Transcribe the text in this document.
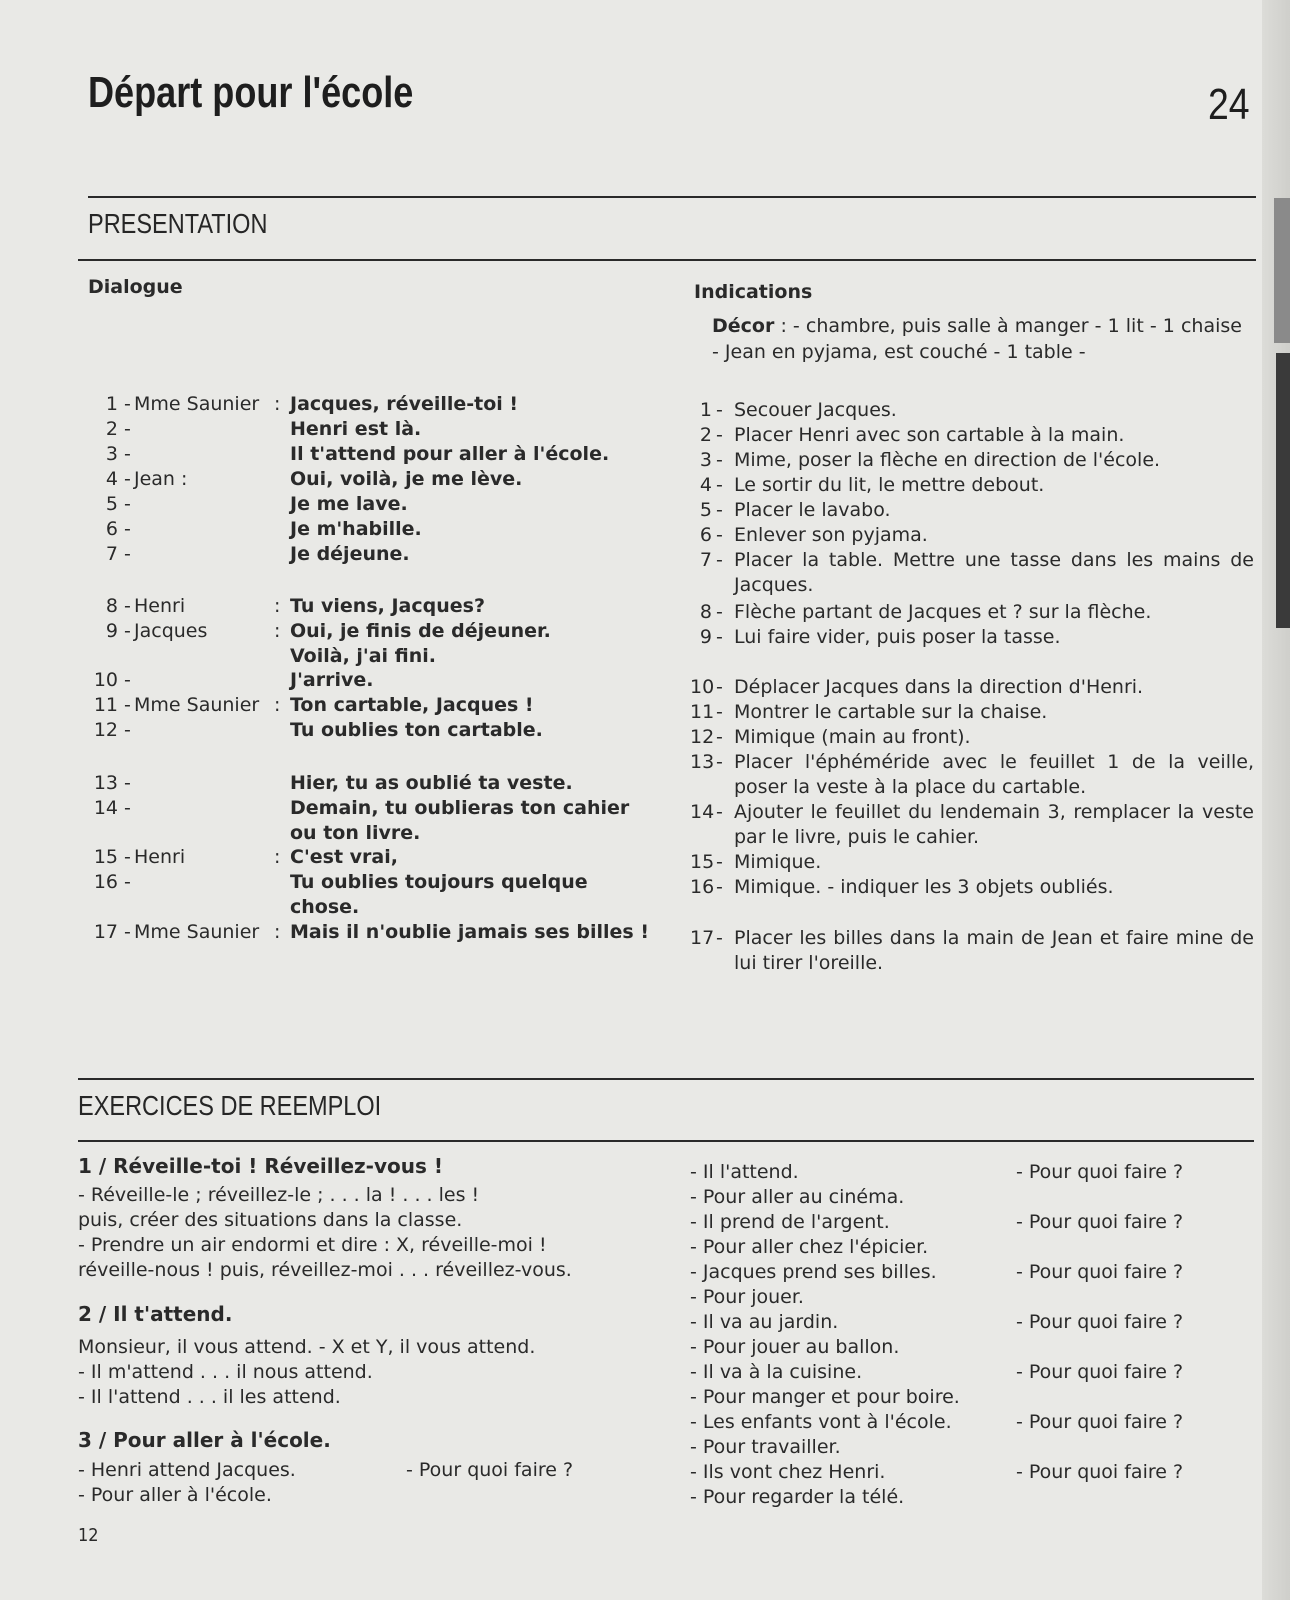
Départ pour l'école	24
PRESENTATION
Dialogue	Indications
Décor : - chambre, puis salle à manger - 1 lit - 1 chaise - Jean en pyjama, est couché - 1 table -
1 - Mme Saunier : Jacques, réveille-toi !
2 -	Henri est là.
3 -	Il t'attend pour aller à l'école.
4 - Jean :	Oui, voilà, je me lève.
5 -	Je me lave.
6 -	Je m'habille.
7 -	Je déjeune.
8 - Henri	: Tu viens, Jacques?
9 - Jacques	: Oui, je finis de déjeuner. Voilà, j'ai fini.
10 -	J'arrive.
11 - Mme Saunier : Ton cartable, Jacques !
12 -	Tu oublies ton cartable.
13 -	Hier, tu as oublié ta veste.
14 -	Demain, tu oublieras ton cahier ou ton livre.
15 - Henri	: C'est vrai,
16 -	Tu oublies toujours quelque chose.
17 - Mme Saunier : Mais il n'oublie jamais ses billes !
1 - Secouer Jacques.
2 - Placer Henri avec son cartable à la main.
3 - Mime, poser la flèche en direction de l'école.
4 - Le sortir du lit, le mettre debout.
5 - Placer le lavabo.
6 - Enlever son pyjama.
7 - Placer la table. Mettre une tasse dans les mains de Jacques.
8 - Flèche partant de Jacques et ? sur la flèche.
9 - Lui faire vider, puis poser la tasse.
10 - Déplacer Jacques dans la direction d'Henri.
11 - Montrer le cartable sur la chaise.
12 - Mimique (main au front).
13 - Placer l'éphéméride avec le feuillet 1 de la veille, poser la veste à la place du cartable.
14 - Ajouter le feuillet du lendemain 3, remplacer la veste par le livre, puis le cahier.
15 - Mimique.
16 - Mimique. - indiquer les 3 objets oubliés.
17 - Placer les billes dans la main de Jean et faire mine de lui tirer l'oreille.
EXERCICES DE REEMPLOI
1 / Réveille-toi ! Réveillez-vous !
- Réveille-le ; réveillez-le ; . . . la ! . . . les !
puis, créer des situations dans la classe.
- Prendre un air endormi et dire : X, réveille-moi !
réveille-nous ! puis, réveillez-moi . . . réveillez-vous.
2 / Il t'attend.
Monsieur, il vous attend. - X et Y, il vous attend.
- Il m'attend . . . il nous attend.
- Il l'attend . . . il les attend.
3 / Pour aller à l'école.
- Henri attend Jacques.	- Pour quoi faire ?
- Pour aller à l'école.
- Il l'attend.	- Pour quoi faire ?
- Pour aller au cinéma.
- Il prend de l'argent.	- Pour quoi faire ?
- Pour aller chez l'épicier.
- Jacques prend ses billes.	- Pour quoi faire ?
- Pour jouer.
- Il va au jardin.	- Pour quoi faire ?
- Pour jouer au ballon.
- Il va à la cuisine.	- Pour quoi faire ?
- Pour manger et pour boire.
- Les enfants vont à l'école.	- Pour quoi faire ?
- Pour travailler.
- Ils vont chez Henri.	- Pour quoi faire ?
- Pour regarder la télé.
12
